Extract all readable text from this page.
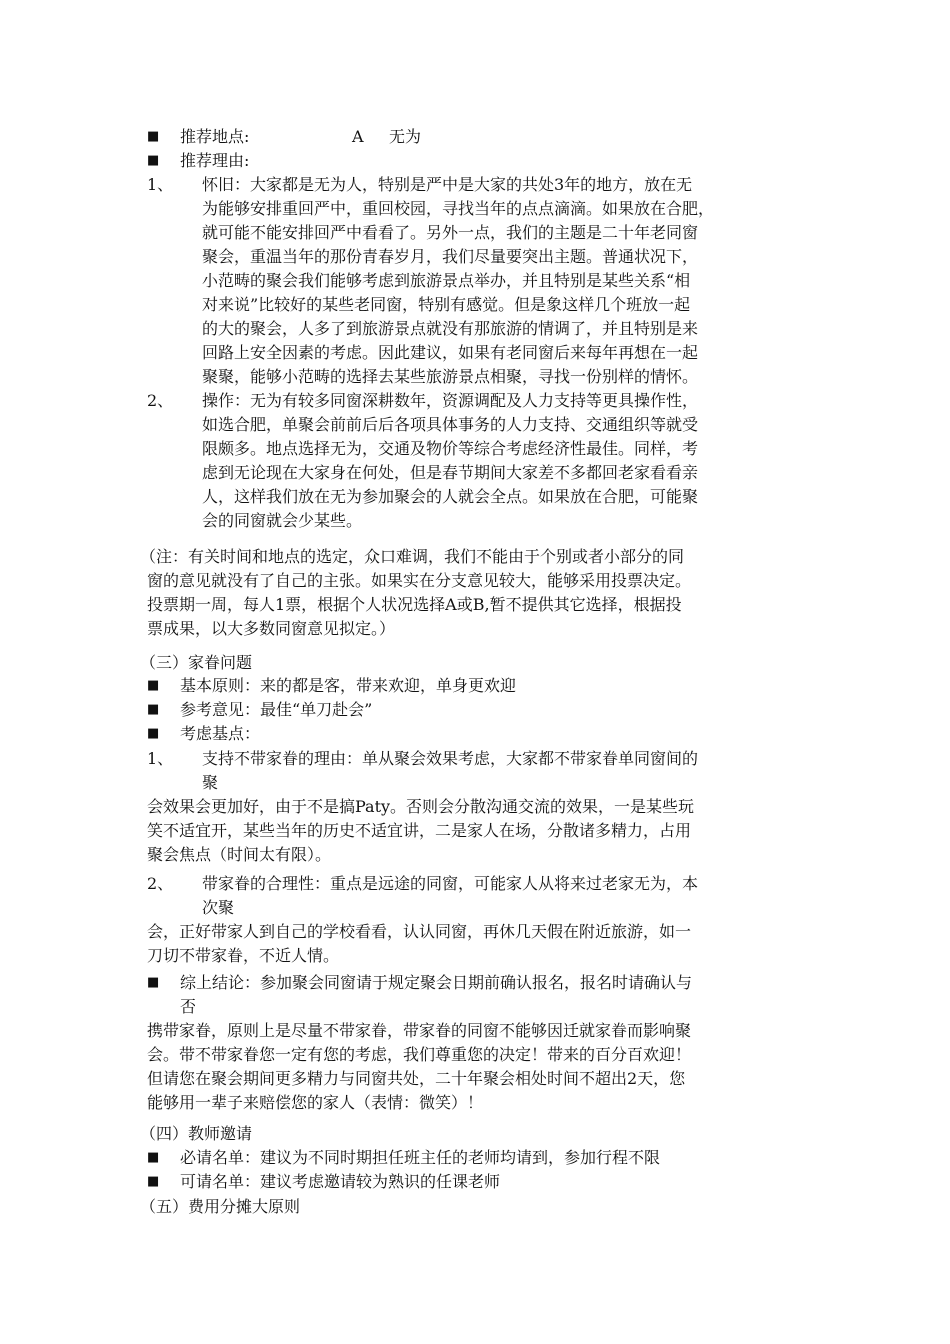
■ 推荐地点:	A 无为
■ 推荐理由:
1、 怀旧：大家都是无为人，特别是严中是大家的共处3年的地方，放在无
为能够安排重回严中，重回校园，寻找当年的点点滴滴。如果放在合肥，
就可能不能安排回严中看看了。另外一点，我们的主题是二十年老同窗
聚会，重温当年的那份青春岁月，我们尽量要突出主题。普通状况下，
小范畴的聚会我们能够考虑到旅游景点举办，并且特别是某些关系“相
对来说”比较好的某些老同窗，特别有感觉。但是象这样几个班放一起
的大的聚会，人多了到旅游景点就没有那旅游的情调了，并且特别是来
回路上安全因素的考虑。因此建议，如果有老同窗后来每年再想在一起
聚聚，能够小范畴的选择去某些旅游景点相聚，寻找一份别样的情怀。
2、 操作：无为有较多同窗深耕数年，资源调配及人力支持等更具操作性，
如选合肥，单聚会前前后后各项具体事务的人力支持、交通组织等就受
限颇多。地点选择无为，交通及物价等综合考虑经济性最佳。同样，考
虑到无论现在大家身在何处，但是春节期间大家差不多都回老家看看亲
人，这样我们放在无为参加聚会的人就会全点。如果放在合肥，可能聚
会的同窗就会少某些。
（注：有关时间和地点的选定，众口难调，我们不能由于个别或者小部分的同
窗的意见就没有了自己的主张。如果实在分支意见较大，能够采用投票决定。
投票期一周，每人1票，根据个人状况选择A或B,暂不提供其它选择，根据投
票成果，以大多数同窗意见拟定。）
（三）家眷问题
■ 基本原则：来的都是客，带来欢迎，单身更欢迎
■ 参考意见：最佳“单刀赴会”
■ 考虑基点：
1、 支持不带家眷的理由：单从聚会效果考虑，大家都不带家眷单同窗间的
聚
会效果会更加好，由于不是搞Paty。否则会分散沟通交流的效果，一是某些玩
笑不适宜开，某些当年的历史不适宜讲，二是家人在场，分散诸多精力，占用
聚会焦点（时间太有限）。
2、 带家眷的合理性：重点是远途的同窗，可能家人从将来过老家无为，本
次聚
会，正好带家人到自己的学校看看，认认同窗，再休几天假在附近旅游，如一
刀切不带家眷，不近人情。
■ 综上结论：参加聚会同窗请于规定聚会日期前确认报名，报名时请确认与
否
携带家眷，原则上是尽量不带家眷，带家眷的同窗不能够因迁就家眷而影响聚
会。带不带家眷您一定有您的考虑，我们尊重您的决定！带来的百分百欢迎！
但请您在聚会期间更多精力与同窗共处，二十年聚会相处时间不超出2天，您
能够用一辈子来赔偿您的家人（表情：微笑）！
（四）教师邀请
■ 必请名单：建议为不同时期担任班主任的老师均请到，参加行程不限
■ 可请名单：建议考虑邀请较为熟识的任课老师
（五）费用分摊大原则
